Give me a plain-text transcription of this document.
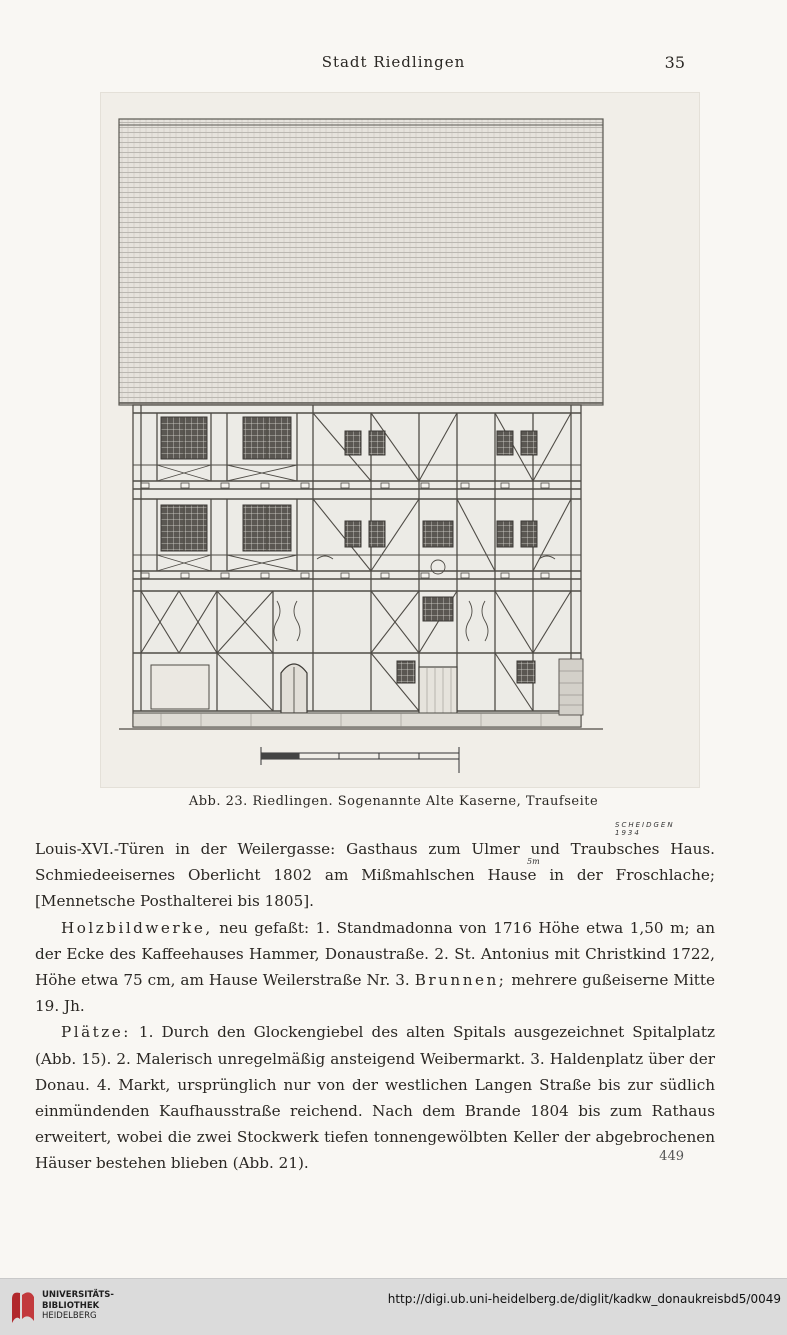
Stadt Riedlingen	35
SCHEIDGEN 1934
5m
Abb. 23. Riedlingen. Sogenannte Alte Kaserne, Traufseite

Louis-XVI.-Türen in der Weilergasse: Gasthaus zum Ulmer und Traubsches Haus. Schmiedeeisernes Oberlicht 1802 am Mißmahlschen Hause in der Froschlache; [Mennetsche Posthalterei bis 1805].

Holzbildwerke, neu gefaßt: 1. Standmadonna von 1716 Höhe etwa 1,50 m; an der Ecke des Kaffeehauses Hammer, Donaustraße. 2. St. Antonius mit Christkind 1722, Höhe etwa 75 cm, am Hause Weilerstraße Nr. 3. Brunnen; mehrere gußeiserne Mitte 19. Jh.

Plätze: 1. Durch den Glockengiebel des alten Spitals ausgezeichnet Spitalplatz (Abb. 15). 2. Malerisch unregelmäßig ansteigend Weibermarkt. 3. Haldenplatz über der Donau. 4. Markt, ursprünglich nur von der westlichen Langen Straße bis zur südlich einmündenden Kaufhausstraße reichend. Nach dem Brande 1804 bis zum Rathaus erweitert, wobei die zwei Stockwerk tiefen tonnengewölbten Keller der abgebrochenen Häuser bestehen blieben (Abb. 21).	449
UNIVERSITÄTS-
BIBLIOTHEK
HEIDELBERG
http://digi.ub.uni-heidelberg.de/diglit/kadkw_donaukreisbd5/0049
